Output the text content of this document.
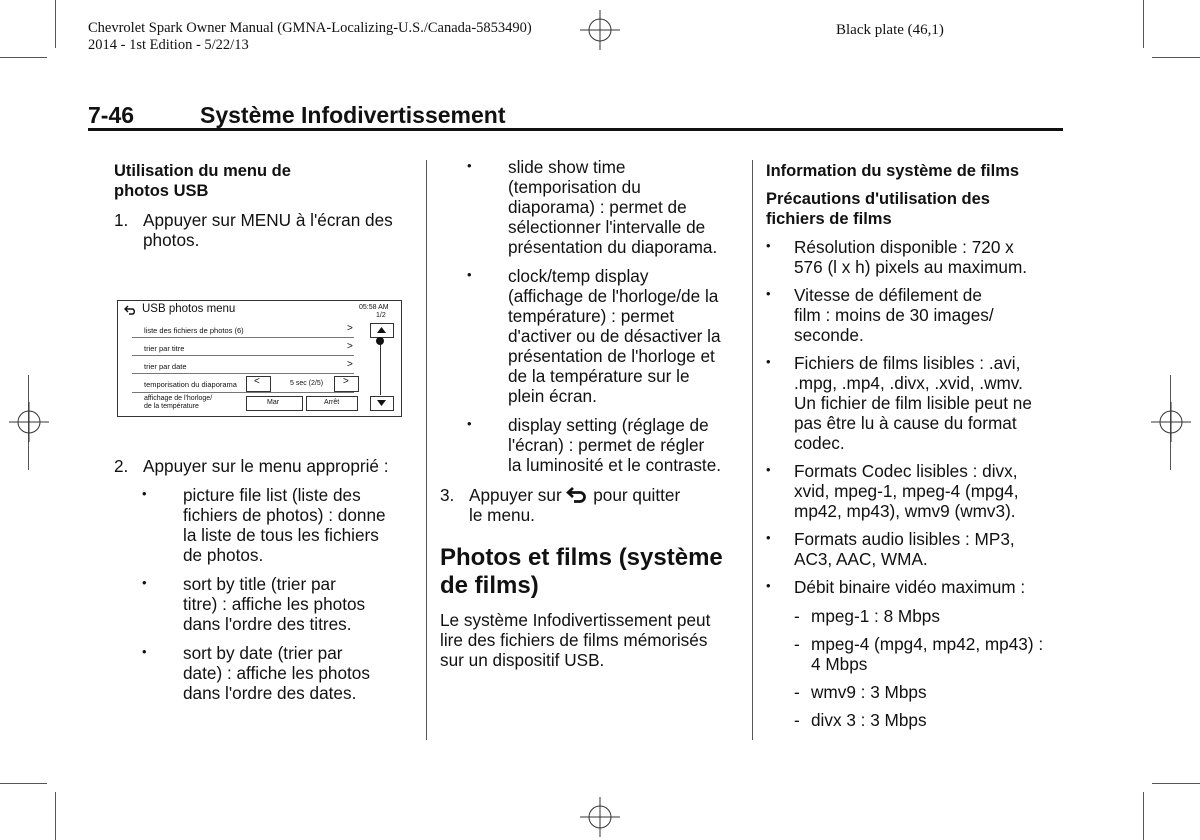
Chevrolet Spark Owner Manual (GMNA-Localizing-U.S./Canada-5853490)
2014 - 1st Edition - 5/22/13
Black plate (46,1)
7-46	Système Infodivertissement
Utilisation du menu de
photos USB
1. Appuyer sur MENU à l'écran des
photos.
USB photos menu	05:58 AM
1/2
liste des fichiers de photos (6)	>
trier par titre	>
trier par date	>
temporisation du diaporama <	5 sec (2/5) >
affichage de l'horloge/
de la température
Mar	Arrêt
2. Appuyer sur le menu approprié :
• picture file list (liste des
fichiers de photos) : donne
la liste de tous les fichiers
de photos.
• sort by title (trier par
titre) : affiche les photos
dans l'ordre des titres.
• sort by date (trier par
date) : affiche les photos
dans l'ordre des dates.
• slide show time
(temporisation du
diaporama) : permet de
sélectionner l'intervalle de
présentation du diaporama.
• clock/temp display
(affichage de l'horloge/de la
température) : permet
d'activer ou de désactiver la
présentation de l'horloge et
de la température sur le
plein écran.
• display setting (réglage de
l'écran) : permet de régler
la luminosité et le contraste.
3. Appuyer sur pour quitter
le menu.
Photos et films (système
de films)
Le système Infodivertissement peut
lire des fichiers de films mémorisés
sur un dispositif USB.
Information du système de films
Précautions d'utilisation des
fichiers de films
• Résolution disponible : 720 x
576 (l x h) pixels au maximum.
• Vitesse de défilement de
film : moins de 30 images/
seconde.
• Fichiers de films lisibles : .avi,
.mpg, .mp4, .divx, .xvid, .wmv.
Un fichier de film lisible peut ne
pas être lu à cause du format
codec.
• Formats Codec lisibles : divx,
xvid, mpeg-1, mpeg-4 (mpg4,
mp42, mp43), wmv9 (wmv3).
• Formats audio lisibles : MP3,
AC3, AAC, WMA.
• Débit binaire vidéo maximum :
- mpeg-1 : 8 Mbps
- mpeg-4 (mpg4, mp42, mp43) :
4 Mbps
- wmv9 : 3 Mbps
- divx 3 : 3 Mbps
